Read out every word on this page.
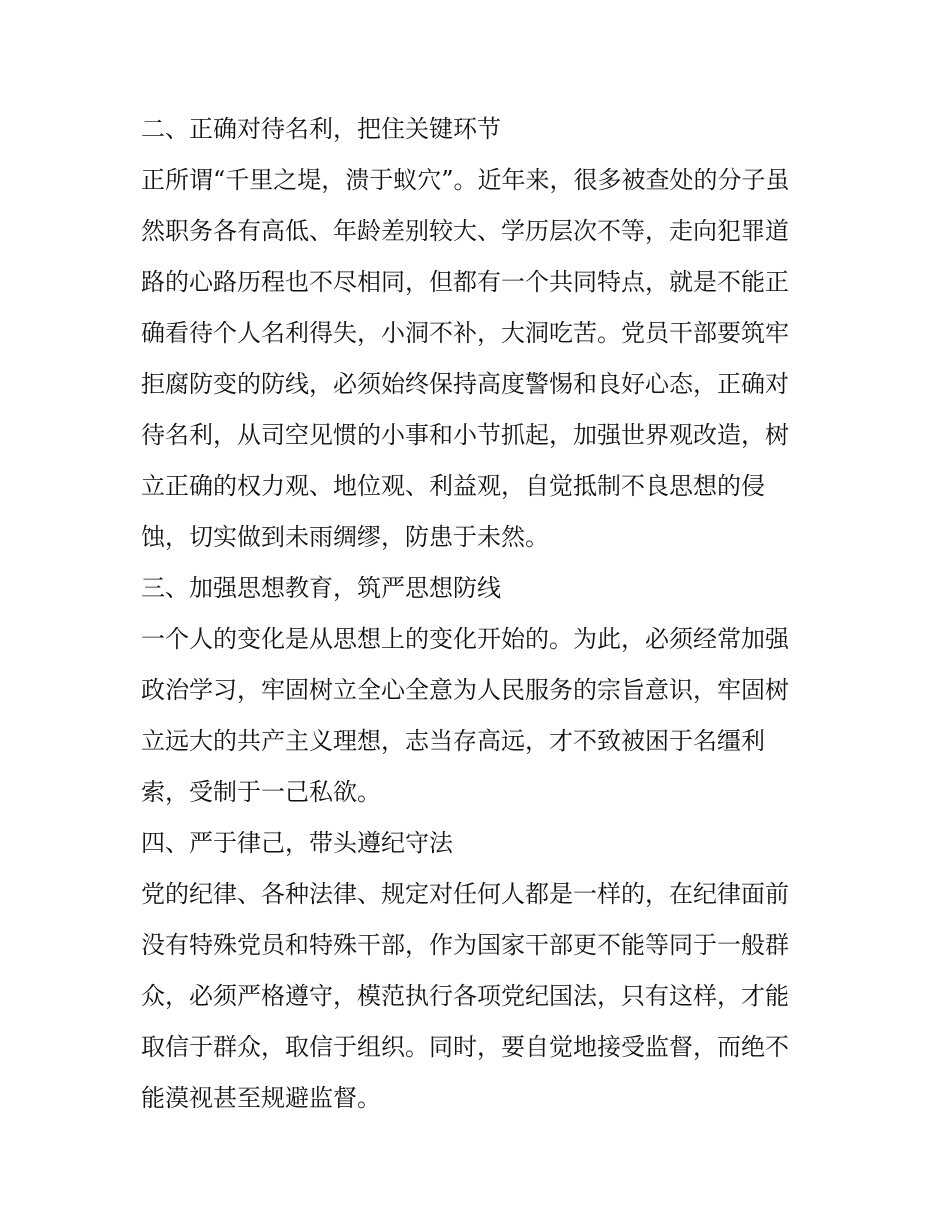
二、正确对待名利，把住关键环节
正所谓“千里之堤，溃于蚁穴”。近年来，很多被查处的分子虽
然职务各有高低、年龄差别较大、学历层次不等，走向犯罪道
路的心路历程也不尽相同，但都有一个共同特点，就是不能正
确看待个人名利得失，小洞不补，大洞吃苦。党员干部要筑牢
拒腐防变的防线，必须始终保持高度警惕和良好心态，正确对
待名利，从司空见惯的小事和小节抓起，加强世界观改造，树
立正确的权力观、地位观、利益观，自觉抵制不良思想的侵
蚀，切实做到未雨绸缪，防患于未然。
三、加强思想教育，筑严思想防线
一个人的变化是从思想上的变化开始的。为此，必须经常加强
政治学习，牢固树立全心全意为人民服务的宗旨意识，牢固树
立远大的共产主义理想，志当存高远，才不致被困于名缰利
索，受制于一己私欲。
四、严于律己，带头遵纪守法
党的纪律、各种法律、规定对任何人都是一样的，在纪律面前
没有特殊党员和特殊干部，作为国家干部更不能等同于一般群
众，必须严格遵守，模范执行各项党纪国法，只有这样，才能
取信于群众，取信于组织。同时，要自觉地接受监督，而绝不
能漠视甚至规避监督。
